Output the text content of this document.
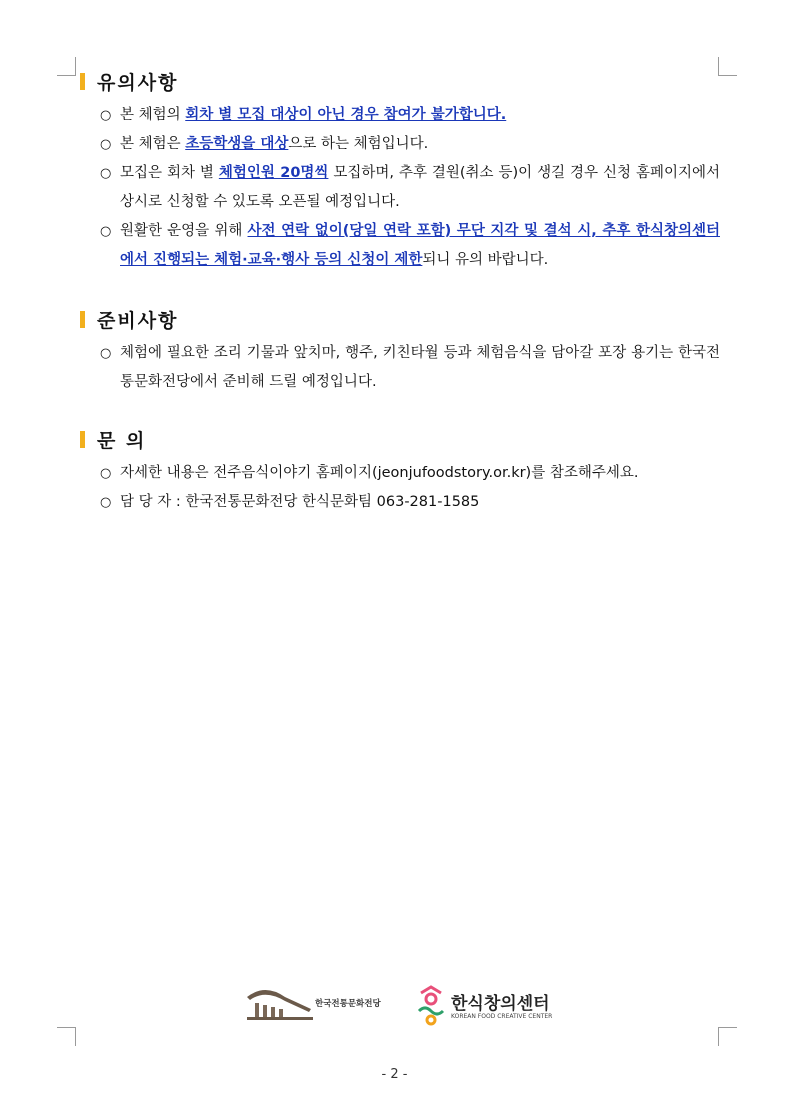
유의사항
○ 본 체험의 회차 별 모집 대상이 아닌 경우 참여가 불가합니다.
○ 본 체험은 초등학생을 대상으로 하는 체험입니다.
○ 모집은 회차 별 체험인원 20명씩 모집하며, 추후 결원(취소 등)이 생길 경우 신청 홈페이지에서 상시로 신청할 수 있도록 오픈될 예정입니다.
○ 원활한 운영을 위해 사전 연락 없이(당일 연락 포함) 무단 지각 및 결석 시, 추후 한식창의센터에서 진행되는 체험·교육·행사 등의 신청이 제한되니 유의 바랍니다.
준비사항
○ 체험에 필요한 조리 기물과 앞치마, 행주, 키친타월 등과 체험음식을 담아갈 포장 용기는 한국전통문화전당에서 준비해 드릴 예정입니다.
문 의
○ 자세한 내용은 전주음식이야기 홈페이지(jeonjufoodstory.or.kr)를 참조해주세요.
○ 담 당 자 : 한국전통문화전당 한식문화팀 063-281-1585
한국전통문화전당	한식창의센터
KOREAN FOOD CREATIVE CENTER
- 2 -
